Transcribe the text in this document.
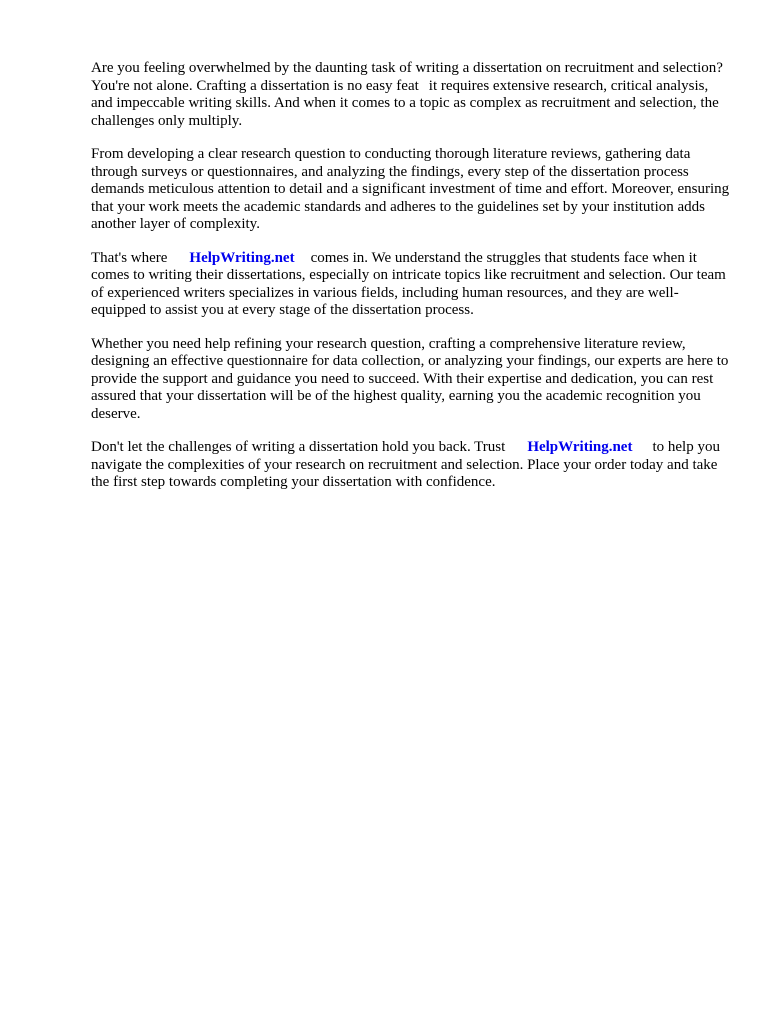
Are you feeling overwhelmed by the daunting task of writing a dissertation on recruitment and selection? You're not alone. Crafting a dissertation is no easy feat it requires extensive research, critical analysis, and impeccable writing skills. And when it comes to a topic as complex as recruitment and selection, the challenges only multiply.

From developing a clear research question to conducting thorough literature reviews, gathering data through surveys or questionnaires, and analyzing the findings, every step of the dissertation process demands meticulous attention to detail and a significant investment of time and effort. Moreover, ensuring that your work meets the academic standards and adheres to the guidelines set by your institution adds another layer of complexity.

That's where HelpWriting.net comes in. We understand the struggles that students face when it comes to writing their dissertations, especially on intricate topics like recruitment and selection. Our team of experienced writers specializes in various fields, including human resources, and they are well-equipped to assist you at every stage of the dissertation process.

Whether you need help refining your research question, crafting a comprehensive literature review, designing an effective questionnaire for data collection, or analyzing your findings, our experts are here to provide the support and guidance you need to succeed. With their expertise and dedication, you can rest assured that your dissertation will be of the highest quality, earning you the academic recognition you deserve.

Don't let the challenges of writing a dissertation hold you back. Trust HelpWriting.net to help you navigate the complexities of your research on recruitment and selection. Place your order today and take the first step towards completing your dissertation with confidence.
